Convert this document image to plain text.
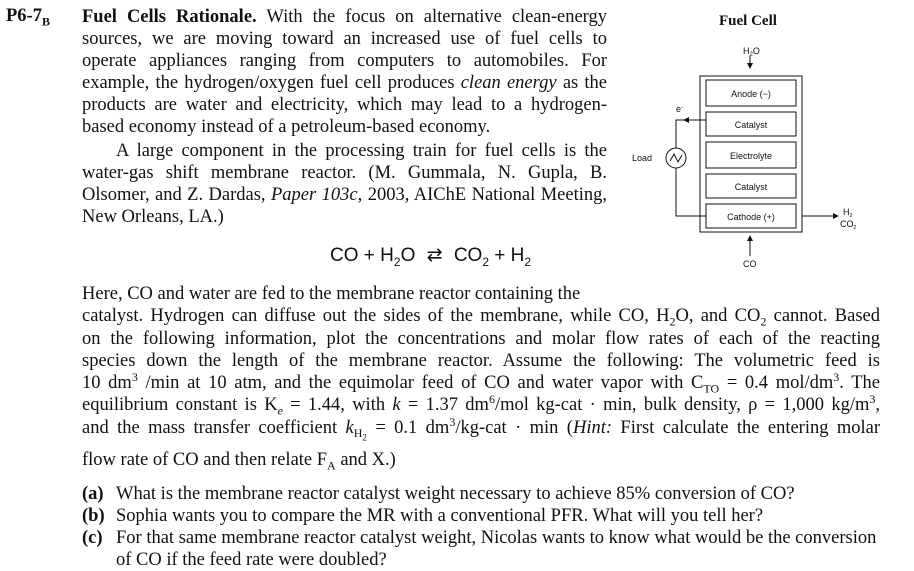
$P6-7_B$ Fuel Cells Rationale. With the focus on alternative clean-energy sources, we are moving toward an increased use of fuel cells to operate appliances ranging from computers to automobiles. For example, the hydrogen/oxygen fuel cell produces clean energy as the products are water and electricity, which may lead to a hydrogen-based economy instead of a petroleum-based economy.
A large component in the processing train for fuel cells is the water-gas shift membrane reactor. (M. Gummala, N. Gupla, B. Olsomer, and Z. Dardas, Paper 103c, 2003, AIChE National Meeting, New Orleans, LA.)
CO + $H_2O$ ⇄ $CO_2 + H_2$
Here, CO and water are fed to the membrane reactor containing the
catalyst. Hydrogen can diffuse out the sides of the membrane, while CO, $H_2O$, and $CO_2$ cannot. Based
on the following information, plot the concentrations and molar flow rates of each of the reacting
species down the length of the membrane reactor. Assume the following: The volumetric feed is
10 $dm^3$ /min at 10 atm, and the equimolar feed of CO and water vapor with $C_{TO} = 0.4$ mol/$dm^3$. The
equilibrium constant is $K_e = 1.44$, with k = 1.37 $dm^6$/mol kg-cat · min, bulk density, ρ = 1,000 $kg/m^3$,
and the mass transfer coefficient $k_{H_2} = 0.1$ $dm^3/kg$-cat · min (Hint: First calculate the entering molar
flow rate of CO and then relate $F_A$ and X.)
(a) What is the membrane reactor catalyst weight necessary to achieve 85% conversion of CO?
(b) Sophia wants you to compare the MR with a conventional PFR. What will you tell her?
(c) For that same membrane reactor catalyst weight, Nicolas wants to know what would be the conversion of CO if the feed rate were doubled?
Fuel Cell
$H_2O$
Anode (−)
Catalyst
Electrolyte
Catalyst
Cathode (+)
e−
Load
$H_2$
$CO_2$
CO
